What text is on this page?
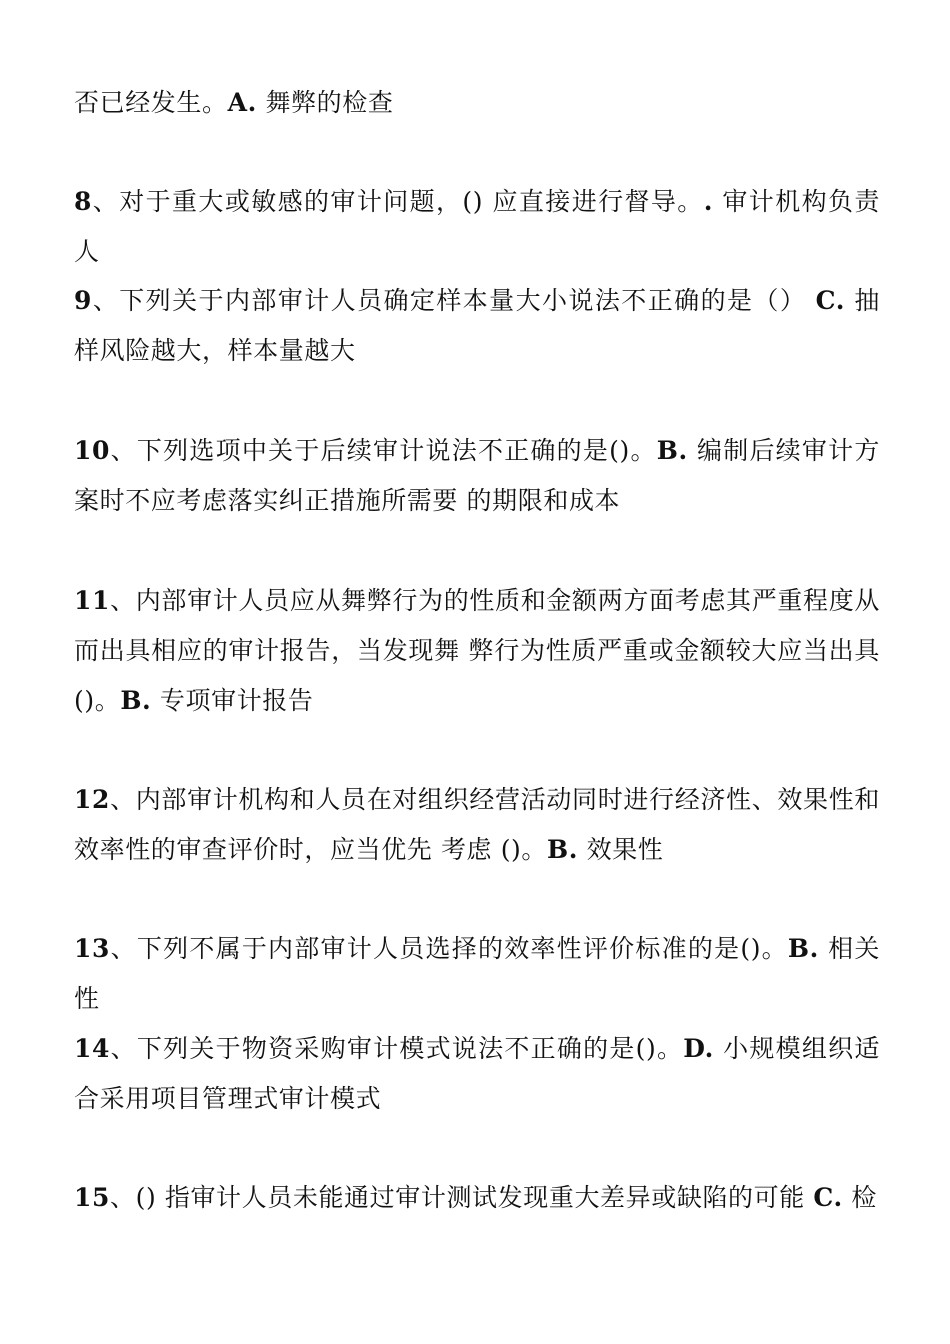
否已经发生。A. 舞弊的检查

8、对于重大或敏感的审计问题，() 应直接进行督导。. 审计机构负责人

9、下列关于内部审计人员确定样本量大小说法不正确的是（） C. 抽样风险越大，样本量越大

10、下列选项中关于后续审计说法不正确的是()。B. 编制后续审计方案时不应考虑落实纠正措施所需要 的期限和成本

11、内部审计人员应从舞弊行为的性质和金额两方面考虑其严重程度从而出具相应的审计报告，当发现舞 弊行为性质严重或金额较大应当出具 ()。B. 专项审计报告

12、内部审计机构和人员在对组织经营活动同时进行经济性、效果性和效率性的审查评价时，应当优先 考虑 ()。B. 效果性

13、下列不属于内部审计人员选择的效率性评价标准的是()。B. 相关性

14、下列关于物资采购审计模式说法不正确的是()。D. 小规模组织适合采用项目管理式审计模式

15、() 指审计人员未能通过审计测试发现重大差异或缺陷的可能 C. 检
